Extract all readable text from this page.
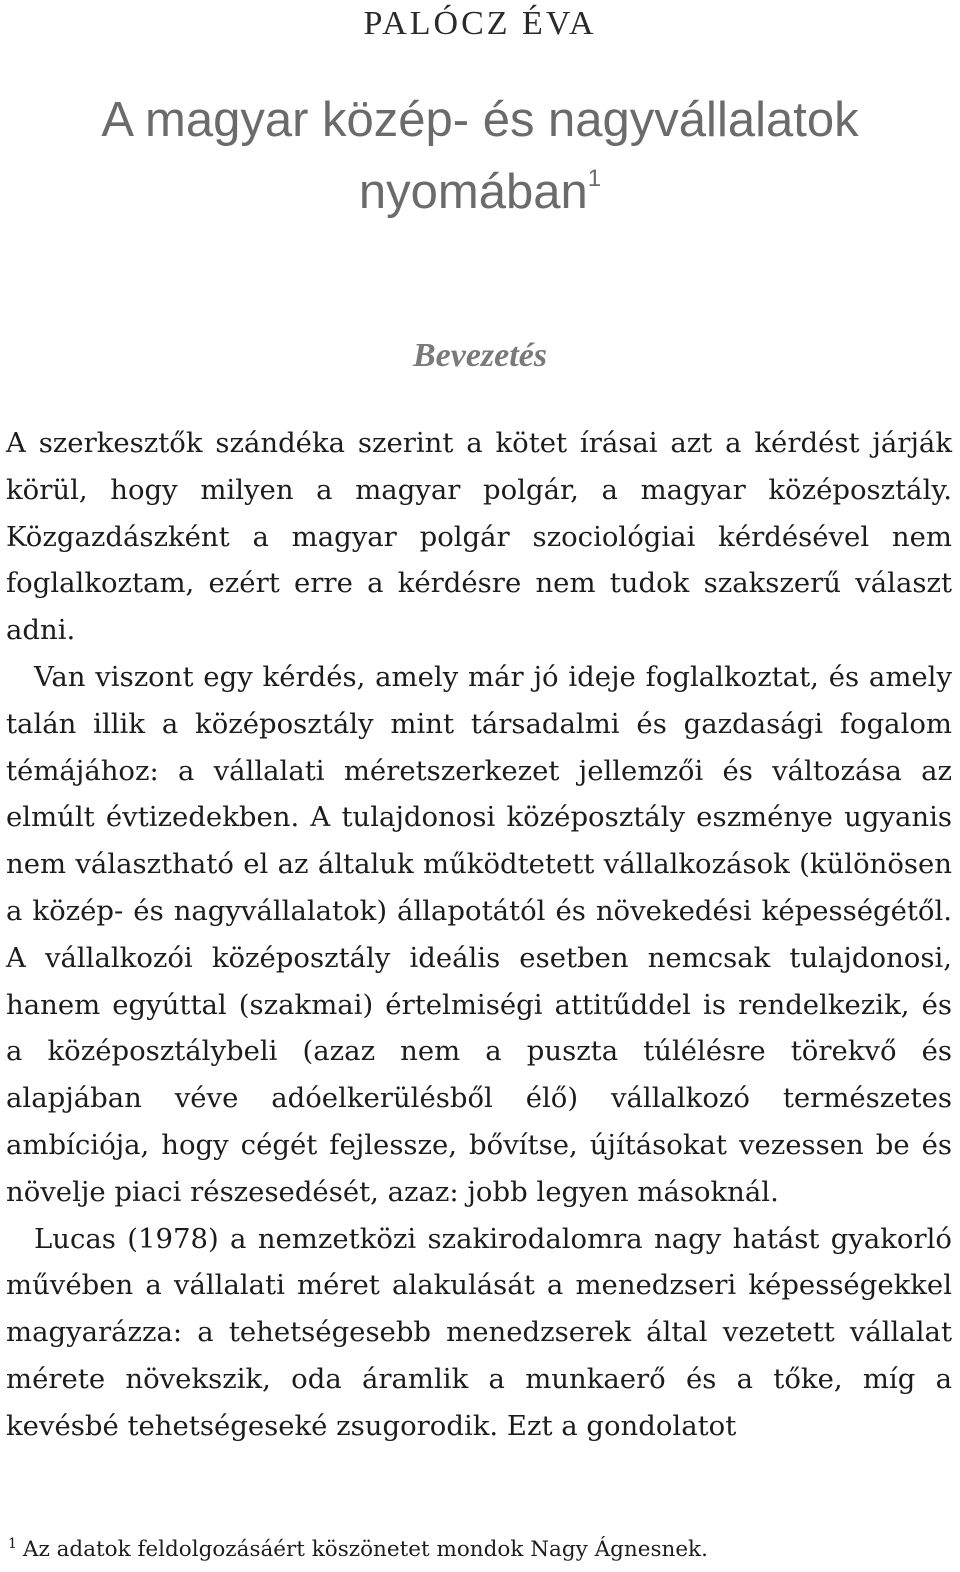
PALÓCZ ÉVA
A magyar közép- és nagyvállalatok nyomában$^1$
Bevezetés

A szerkesztők szándéka szerint a kötet írásai azt a kérdést járják körül, hogy milyen a magyar polgár, a magyar középosztály. Közgazdászként a magyar polgár szociológiai kérdésével nem foglalkoztam, ezért erre a kérdésre nem tudok szakszerű választ adni.

Van viszont egy kérdés, amely már jó ideje foglalkoztat, és amely talán illik a középosztály mint társadalmi és gazdasági fogalom témájához: a vállalati méretszerkezet jellemzői és változása az elmúlt évtizedekben. A tulajdonosi középosztály eszménye ugyanis nem választható el az általuk működtetett vállalkozások (különösen a közép- és nagyvállalatok) állapotától és növekedési képességétől. A vállalkozói középosztály ideális esetben nemcsak tulajdonosi, hanem egyúttal (szakmai) értelmiségi attitűddel is rendelkezik, és a középosztálybeli (azaz nem a puszta túlélésre törekvő és alapjában véve adóelkerülésből élő) vállalkozó természetes ambíciója, hogy cégét fejlessze, bővítse, újításokat vezessen be és növelje piaci részesedését, azaz: jobb legyen másoknál.

Lucas (1978) a nemzetközi szakirodalomra nagy hatást gyakorló művében a vállalati méret alakulását a menedzseri képességekkel magyarázza: a tehetségesebb menedzserek által vezetett vállalat mérete növekszik, oda áramlik a munkaerő és a tőke, míg a kevésbé tehetségeseké zsugorodik. Ezt a gondolatot

$^1$ Az adatok feldolgozásáért köszönetet mondok Nagy Ágnesnek.
